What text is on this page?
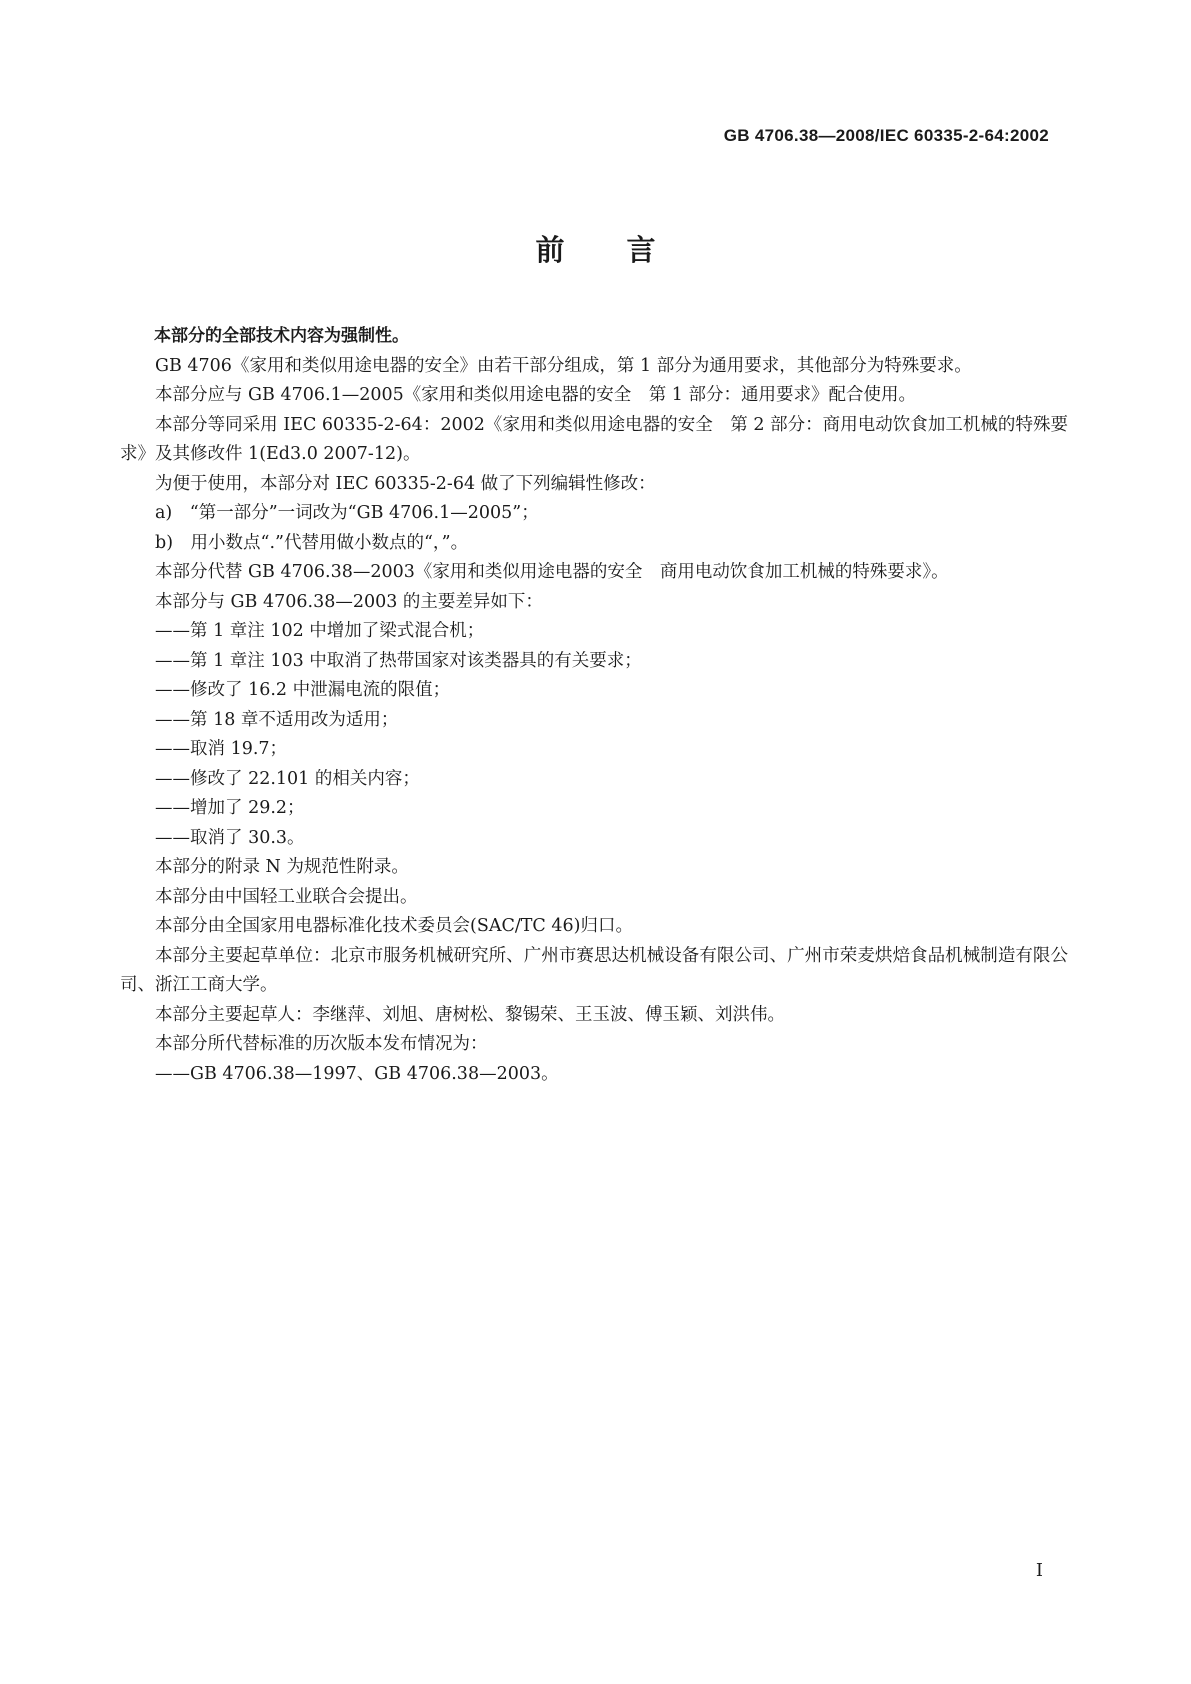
GB 4706.38—2008/IEC 60335-2-64:2002
前言

本部分的全部技术内容为强制性。

GB 4706《家用和类似用途电器的安全》由若干部分组成，第 1 部分为通用要求，其他部分为特殊要求。

本部分应与 GB 4706.1—2005《家用和类似用途电器的安全　第 1 部分：通用要求》配合使用。

本部分等同采用 IEC 60335-2-64：2002《家用和类似用途电器的安全　第 2 部分：商用电动饮食加工机械的特殊要求》及其修改件 1(Ed3.0 2007-12)。

为便于使用，本部分对 IEC 60335-2-64 做了下列编辑性修改：

a)　“第一部分”一词改为“GB 4706.1—2005”；

b)　用小数点“.”代替用做小数点的“，”。

本部分代替 GB 4706.38—2003《家用和类似用途电器的安全　商用电动饮食加工机械的特殊要求》。

本部分与 GB 4706.38—2003 的主要差异如下：

——第 1 章注 102 中增加了梁式混合机；

——第 1 章注 103 中取消了热带国家对该类器具的有关要求；

——修改了 16.2 中泄漏电流的限值；

——第 18 章不适用改为适用；

——取消 19.7；

——修改了 22.101 的相关内容；

——增加了 29.2；

——取消了 30.3。

本部分的附录 N 为规范性附录。

本部分由中国轻工业联合会提出。

本部分由全国家用电器标准化技术委员会(SAC/TC 46)归口。

本部分主要起草单位：北京市服务机械研究所、广州市赛思达机械设备有限公司、广州市荣麦烘焙食品机械制造有限公司、浙江工商大学。

本部分主要起草人：李继萍、刘旭、唐树松、黎锡荣、王玉波、傅玉颖、刘洪伟。

本部分所代替标准的历次版本发布情况为：

——GB 4706.38—1997、GB 4706.38—2003。

I
